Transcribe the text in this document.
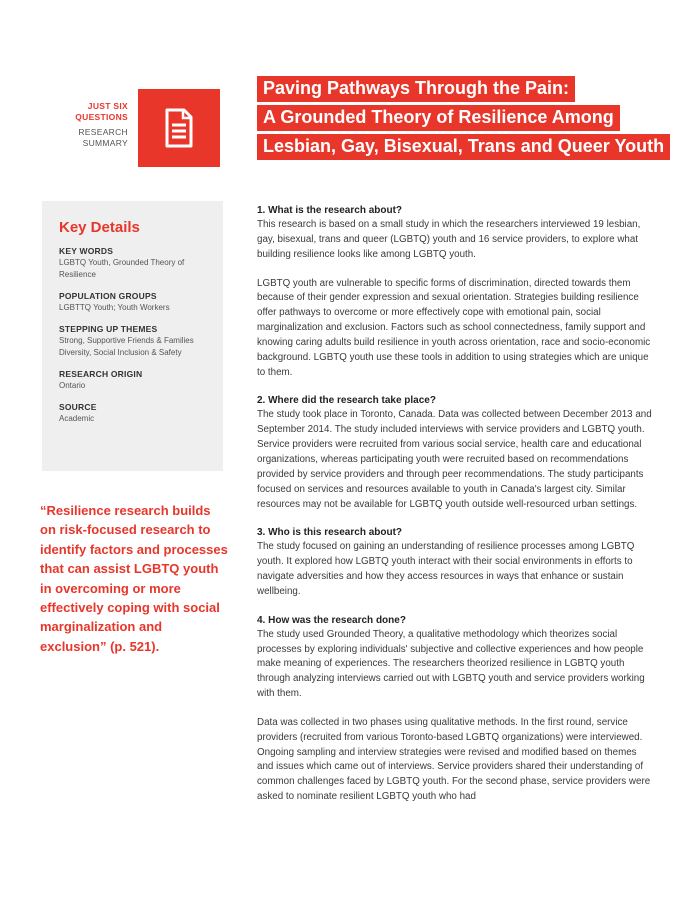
JUST SIX
QUESTIONS
RESEARCH
SUMMARY
Paving Pathways Through the Pain:
A Grounded Theory of Resilience Among
Lesbian, Gay, Bisexual, Trans and Queer Youth
Key Details
KEY WORDS
LGBTQ Youth, Grounded Theory of Resilience
POPULATION GROUPS
LGBTTQ Youth; Youth Workers
STEPPING UP THEMES
Strong, Supportive Friends & Families Diversity, Social Inclusion & Safety
RESEARCH ORIGIN
Ontario
SOURCE
Academic
“Resilience research builds on risk-focused research to identify factors and processes that can assist LGBTQ youth in overcoming or more effectively coping with social marginalization and exclusion” (p. 521).
1. What is the research about?

This research is based on a small study in which the researchers interviewed 19 lesbian, gay, bisexual, trans and queer (LGBTQ) youth and 16 service providers, to explore what building resilience looks like among LGBTQ youth.

LGBTQ youth are vulnerable to specific forms of discrimination, directed towards them because of their gender expression and sexual orientation. Strategies building resilience offer pathways to overcome or more effectively cope with emotional pain, social marginalization and exclusion. Factors such as school connectedness, family support and knowing caring adults build resilience in youth across orientation, race and socio-economic background. LGBTQ youth use these tools in addition to using strategies which are unique to them.

2. Where did the research take place?

The study took place in Toronto, Canada. Data was collected between December 2013 and September 2014. The study included interviews with service providers and LGBTQ youth. Service providers were recruited from various social service, health care and educational organizations, whereas participating youth were recruited based on recommendations provided by service providers and through peer recommendations. The study participants focused on services and resources available to youth in Canada's largest city. Similar resources may not be available for LGBTQ youth outside well-resourced urban settings.

3. Who is this research about?

The study focused on gaining an understanding of resilience processes among LGBTQ youth. It explored how LGBTQ youth interact with their social environments in efforts to navigate adversities and how they access resources in ways that enhance or sustain wellbeing.

4. How was the research done?

The study used Grounded Theory, a qualitative methodology which theorizes social processes by exploring individuals' subjective and collective experiences and how people make meaning of experiences. The researchers theorized resilience in LGBTQ youth through analyzing interviews carried out with LGBTQ youth and service providers working with them.

Data was collected in two phases using qualitative methods. In the first round, service providers (recruited from various Toronto-based LGBTQ organizations) were interviewed. Ongoing sampling and interview strategies were revised and modified based on themes and issues which came out of interviews. Service providers shared their understanding of common challenges faced by LGBTQ youth. For the second phase, service providers were asked to nominate resilient LGBTQ youth who had
